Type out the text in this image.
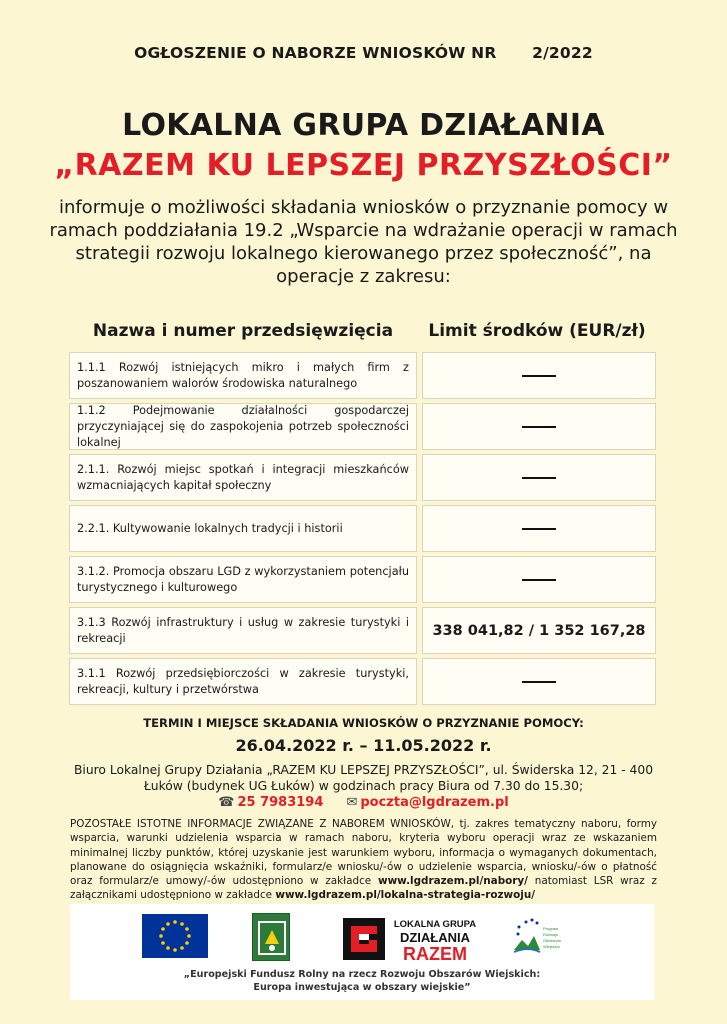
OGŁOSZENIE O NABORZE WNIOSKÓW NR 2/2022
LOKALNA GRUPA DZIAŁANIA
„RAZEM KU LEPSZEJ PRZYSZŁOŚCI”
informuje o możliwości składania wniosków o przyznanie pomocy w ramach poddziałania 19.2 „Wsparcie na wdrażanie operacji w ramach strategii rozwoju lokalnego kierowanego przez społeczność”, na operacje z zakresu:
Nazwa i numer przedsięwzięcia	Limit środków (EUR/zł)
1.1.1 Rozwój istniejących mikro i małych firm z poszanowaniem walorów środowiska naturalnego
1.1.2 Podejmowanie działalności gospodarczej przyczyniającej się do zaspokojenia potrzeb społeczności lokalnej
2.1.1. Rozwój miejsc spotkań i integracji mieszkańców wzmacniających kapitał społeczny
2.2.1. Kultywowanie lokalnych tradycji i historii
3.1.2. Promocja obszaru LGD z wykorzystaniem potencjału turystycznego i kulturowego
3.1.3 Rozwój infrastruktury i usług w zakresie turystyki i rekreacji	338 041,82 / 1 352 167,28
3.1.1 Rozwój przedsiębiorczości w zakresie turystyki, rekreacji, kultury i przetwórstwa
TERMIN I MIEJSCE SKŁADANIA WNIOSKÓW O PRZYZNANIE POMOCY:
26.04.2022 r. – 11.05.2022 r.
Biuro Lokalnej Grupy Działania „RAZEM KU LEPSZEJ PRZYSZŁOŚCI”, ul. Świderska 12, 21 - 400 Łuków (budynek UG Łuków) w godzinach pracy Biura od 7.30 do 15.30;
☎ 25 7983194 ✉ poczta@lgdrazem.pl
POZOSTAŁE ISTOTNE INFORMACJE ZWIĄZANE Z NABOREM WNIOSKÓW, tj. zakres tematyczny naboru, formy wsparcia, warunki udzielenia wsparcia w ramach naboru, kryteria wyboru operacji wraz ze wskazaniem minimalnej liczby punktów, której uzyskanie jest warunkiem wyboru, informacja o wymaganych dokumentach, planowane do osiągnięcia wskaźniki, formularz/e wniosku/-ów o udzielenie wsparcia, wniosku/-ów o płatność oraz formularz/e umowy/-ów udostępniono w zakładce www.lgdrazem.pl/nabory/ natomiast LSR wraz z załącznikami udostępniono w zakładce www.lgdrazem.pl/lokalna-strategia-rozwoju/
LOKALNA GRUPA
DZIAŁANIA
RAZEM
Program
Rozwoju
Obszarów
Wiejskich
„Europejski Fundusz Rolny na rzecz Rozwoju Obszarów Wiejskich:
Europa inwestująca w obszary wiejskie”
